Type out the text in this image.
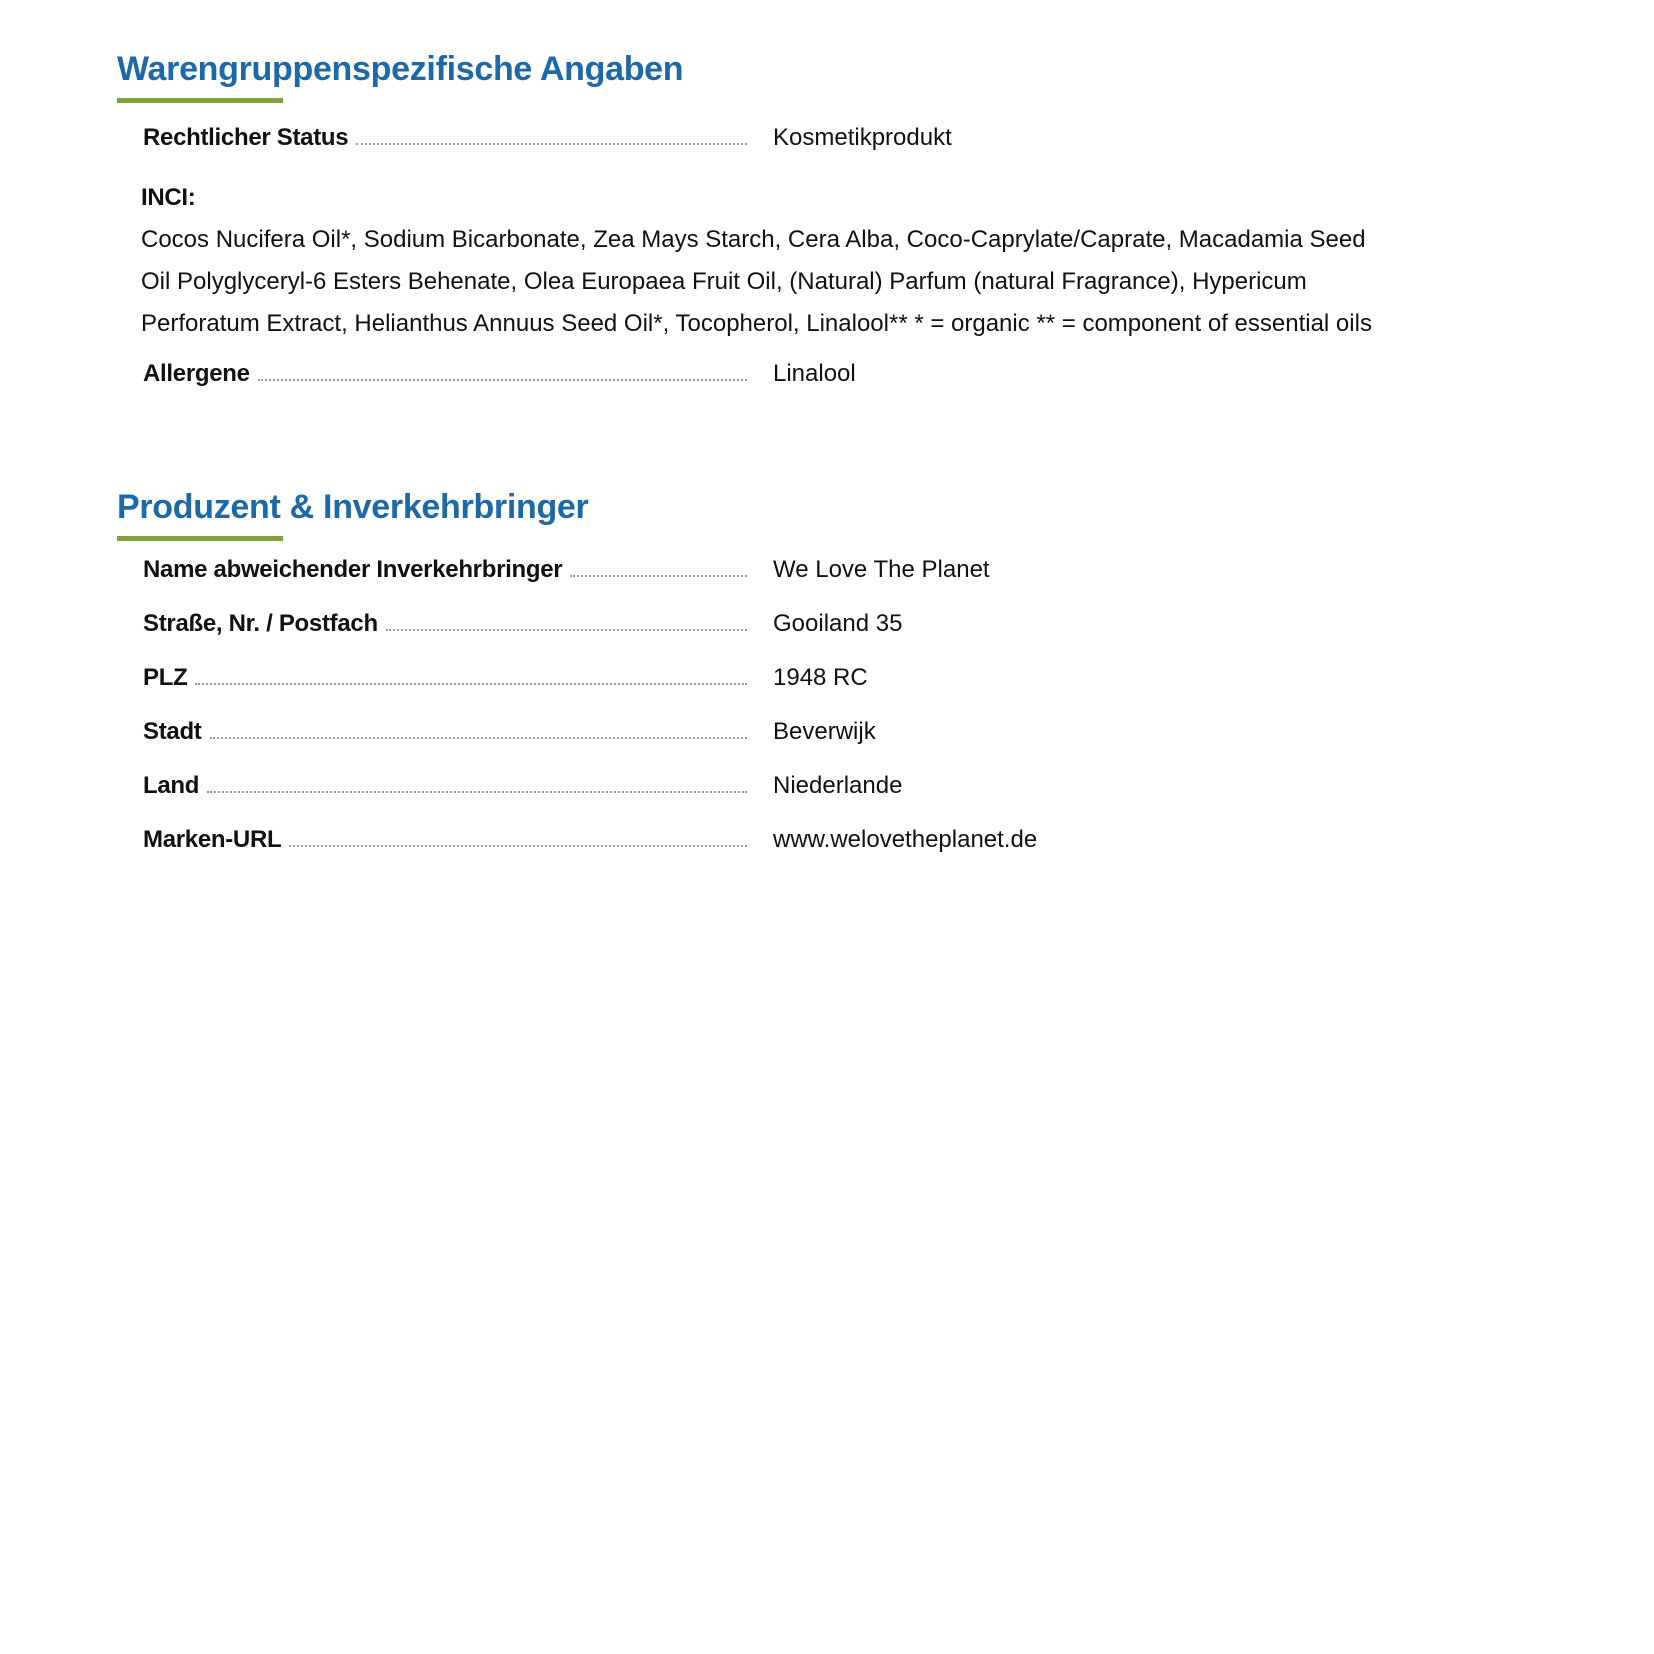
Warengruppenspezifische Angaben
Rechtlicher Status	Kosmetikprodukt
INCI:
Cocos Nucifera Oil*, Sodium Bicarbonate, Zea Mays Starch, Cera Alba, Coco-Caprylate/Caprate, Macadamia Seed Oil Polyglyceryl-6 Esters Behenate, Olea Europaea Fruit Oil, (Natural) Parfum (natural Fragrance), Hypericum Perforatum Extract, Helianthus Annuus Seed Oil*, Tocopherol, Linalool** * = organic ** = component of essential oils
Allergene	Linalool
Produzent & Inverkehrbringer
Name abweichender Inverkehrbringer	We Love The Planet
Straße, Nr. / Postfach	Gooiland 35
PLZ	1948 RC
Stadt	Beverwijk
Land	Niederlande
Marken-URL	www.welovetheplanet.de
